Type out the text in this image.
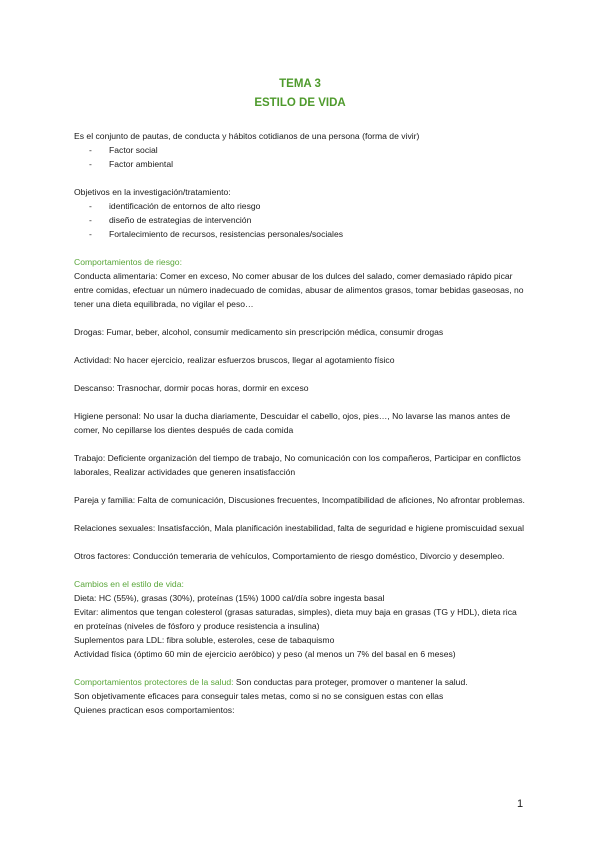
TEMA 3
ESTILO DE VIDA

Es el conjunto de pautas, de conducta y hábitos cotidianos de una persona (forma de vivir)

- Factor social
- Factor ambiental

Objetivos en la investigación/tratamiento:

- identificación de entornos de alto riesgo
- diseño de estrategias de intervención
- Fortalecimiento de recursos, resistencias personales/sociales

Comportamientos de riesgo:

Conducta alimentaria: Comer en exceso, No comer abusar de los dulces del salado, comer demasiado rápido picar entre comidas, efectuar un número inadecuado de comidas, abusar de alimentos grasos, tomar bebidas gaseosas, no tener una dieta equilibrada, no vigilar el peso…

Drogas: Fumar, beber, alcohol, consumir medicamento sin prescripción médica, consumir drogas

Actividad: No hacer ejercicio, realizar esfuerzos bruscos, llegar al agotamiento físico

Descanso: Trasnochar, dormir pocas horas, dormir en exceso

Higiene personal: No usar la ducha diariamente, Descuidar el cabello, ojos, pies…, No lavarse las manos antes de comer, No cepillarse los dientes después de cada comida

Trabajo: Deficiente organización del tiempo de trabajo, No comunicación con los compañeros, Participar en conflictos laborales, Realizar actividades que generen insatisfacción

Pareja y familia: Falta de comunicación, Discusiones frecuentes, Incompatibilidad de aficiones, No afrontar problemas.

Relaciones sexuales: Insatisfacción, Mala planificación inestabilidad, falta de seguridad e higiene promiscuidad sexual

Otros factores: Conducción temeraria de vehículos, Comportamiento de riesgo doméstico, Divorcio y desempleo.

Cambios en el estilo de vida:

Dieta: HC (55%), grasas (30%), proteínas (15%) 1000 cal/día sobre ingesta basal

Evitar: alimentos que tengan colesterol (grasas saturadas, simples), dieta muy baja en grasas (TG y HDL), dieta rica en proteínas (niveles de fósforo y produce resistencia a insulina)

Suplementos para LDL: fibra soluble, esteroles, cese de tabaquismo

Actividad física (óptimo 60 min de ejercicio aeróbico) y peso (al menos un 7% del basal en 6 meses)

Comportamientos protectores de la salud: Son conductas para proteger, promover o mantener la salud.

Son objetivamente eficaces para conseguir tales metas, como si no se consiguen estas con ellas

Quienes practican esos comportamientos:

1
